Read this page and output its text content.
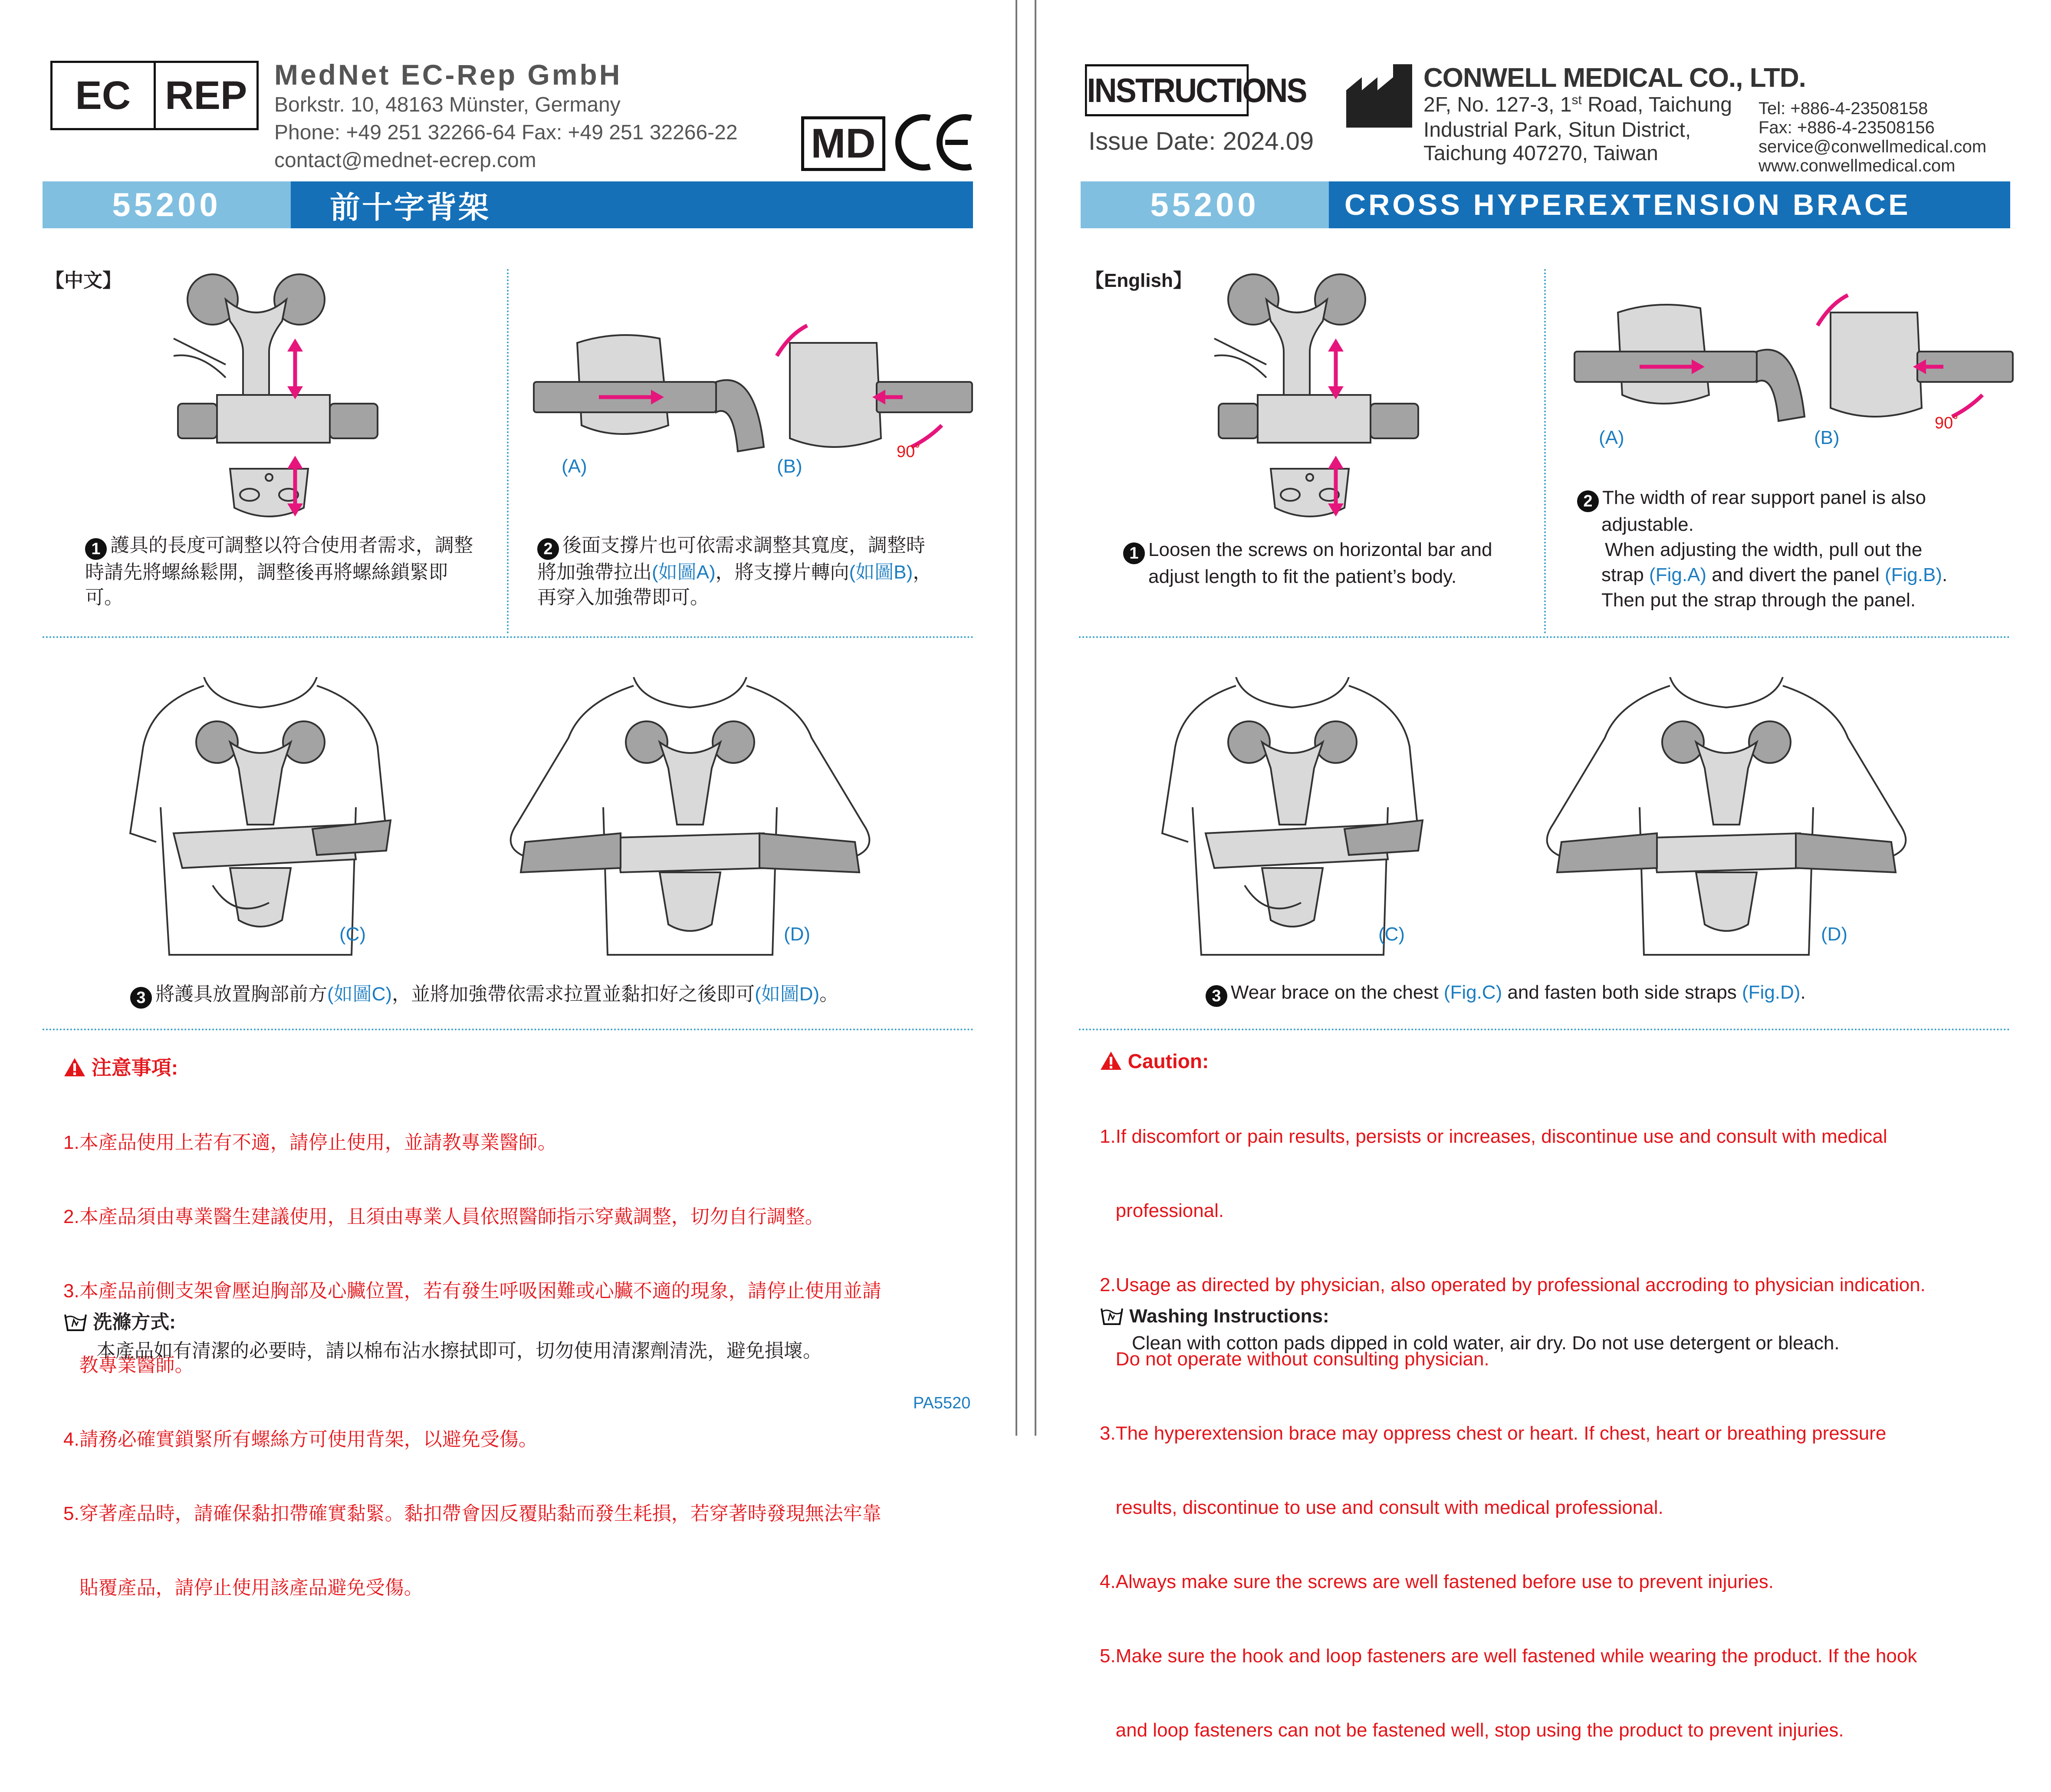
EC REP MedNet EC-Rep GmbH
Borkstr. 10, 48163 Münster, Germany
Phone: +49 251 32266-64 Fax: +49 251 32266-22
contact@mednet-ecrep.com	MD
55200	前十字背架
【中文】
(A)	(B)
90˚
1 護具的長度可調整以符合使用者需求，調整時請先將螺絲鬆開，調整後再將螺絲鎖緊即可。
2 後面支撐片也可依需求調整其寬度，調整時將加強帶拉出(如圖A)，將支撐片轉向(如圖B)，再穿入加強帶即可。
(C)	(D)
3 將護具放置胸部前方(如圖C)，並將加強帶依需求拉置並黏扣好之後即可(如圖D)。
注意事項:

1.本產品使用上若有不適，請停止使用，並請教專業醫師。

2.本產品須由專業醫生建議使用，且須由專業人員依照醫師指示穿戴調整，切勿自行調整。

3.本產品前側支架會壓迫胸部及心臟位置，若有發生呼吸困難或心臟不適的現象，請停止使用並請

教專業醫師。

4.請務必確實鎖緊所有螺絲方可使用背架，以避免受傷。

5.穿著產品時，請確保黏扣帶確實黏緊。黏扣帶會因反覆貼黏而發生耗損，若穿著時發現無法牢靠

貼覆產品，請停止使用該產品避免受傷。

洗滌方式:
本產品如有清潔的必要時，請以棉布沾水擦拭即可，切勿使用清潔劑清洗，避免損壞。
PA5520
INSTRUCTIONS
Issue Date: 2024.09
CONWELL MEDICAL CO., LTD.
2F, No. 127-3, 1st Road, Taichung
Industrial Park, Situn District,
Taichung 407270, Taiwan
Tel: +886-4-23508158
Fax: +886-4-23508156
service@conwellmedical.com
www.conwellmedical.com
55200	CROSS HYPEREXTENSION BRACE
【English】
(A)	(B)
90˚
1 Loosen the screws on horizontal bar and
adjust length to fit the patient’s body.
2 The width of rear support panel is also
adjustable.
When adjusting the width, pull out the
strap (Fig.A) and divert the panel (Fig.B).
Then put the strap through the panel.
(C)	(D)
3 Wear brace on the chest (Fig.C) and fasten both side straps (Fig.D).
Caution:

1.If discomfort or pain results, persists or increases, discontinue use and consult with medical

professional.

2.Usage as directed by physician, also operated by professional accroding to physician indication.

Do not operate without consulting physician.

3.The hyperextension brace may oppress chest or heart. If chest, heart or breathing pressure

results, discontinue to use and consult with medical professional.

4.Always make sure the screws are well fastened before use to prevent injuries.

5.Make sure the hook and loop fasteners are well fastened while wearing the product. If the hook

and loop fasteners can not be fastened well, stop using the product to prevent injuries.

Washing Instructions:
Clean with cotton pads dipped in cold water, air dry. Do not use detergent or bleach.
